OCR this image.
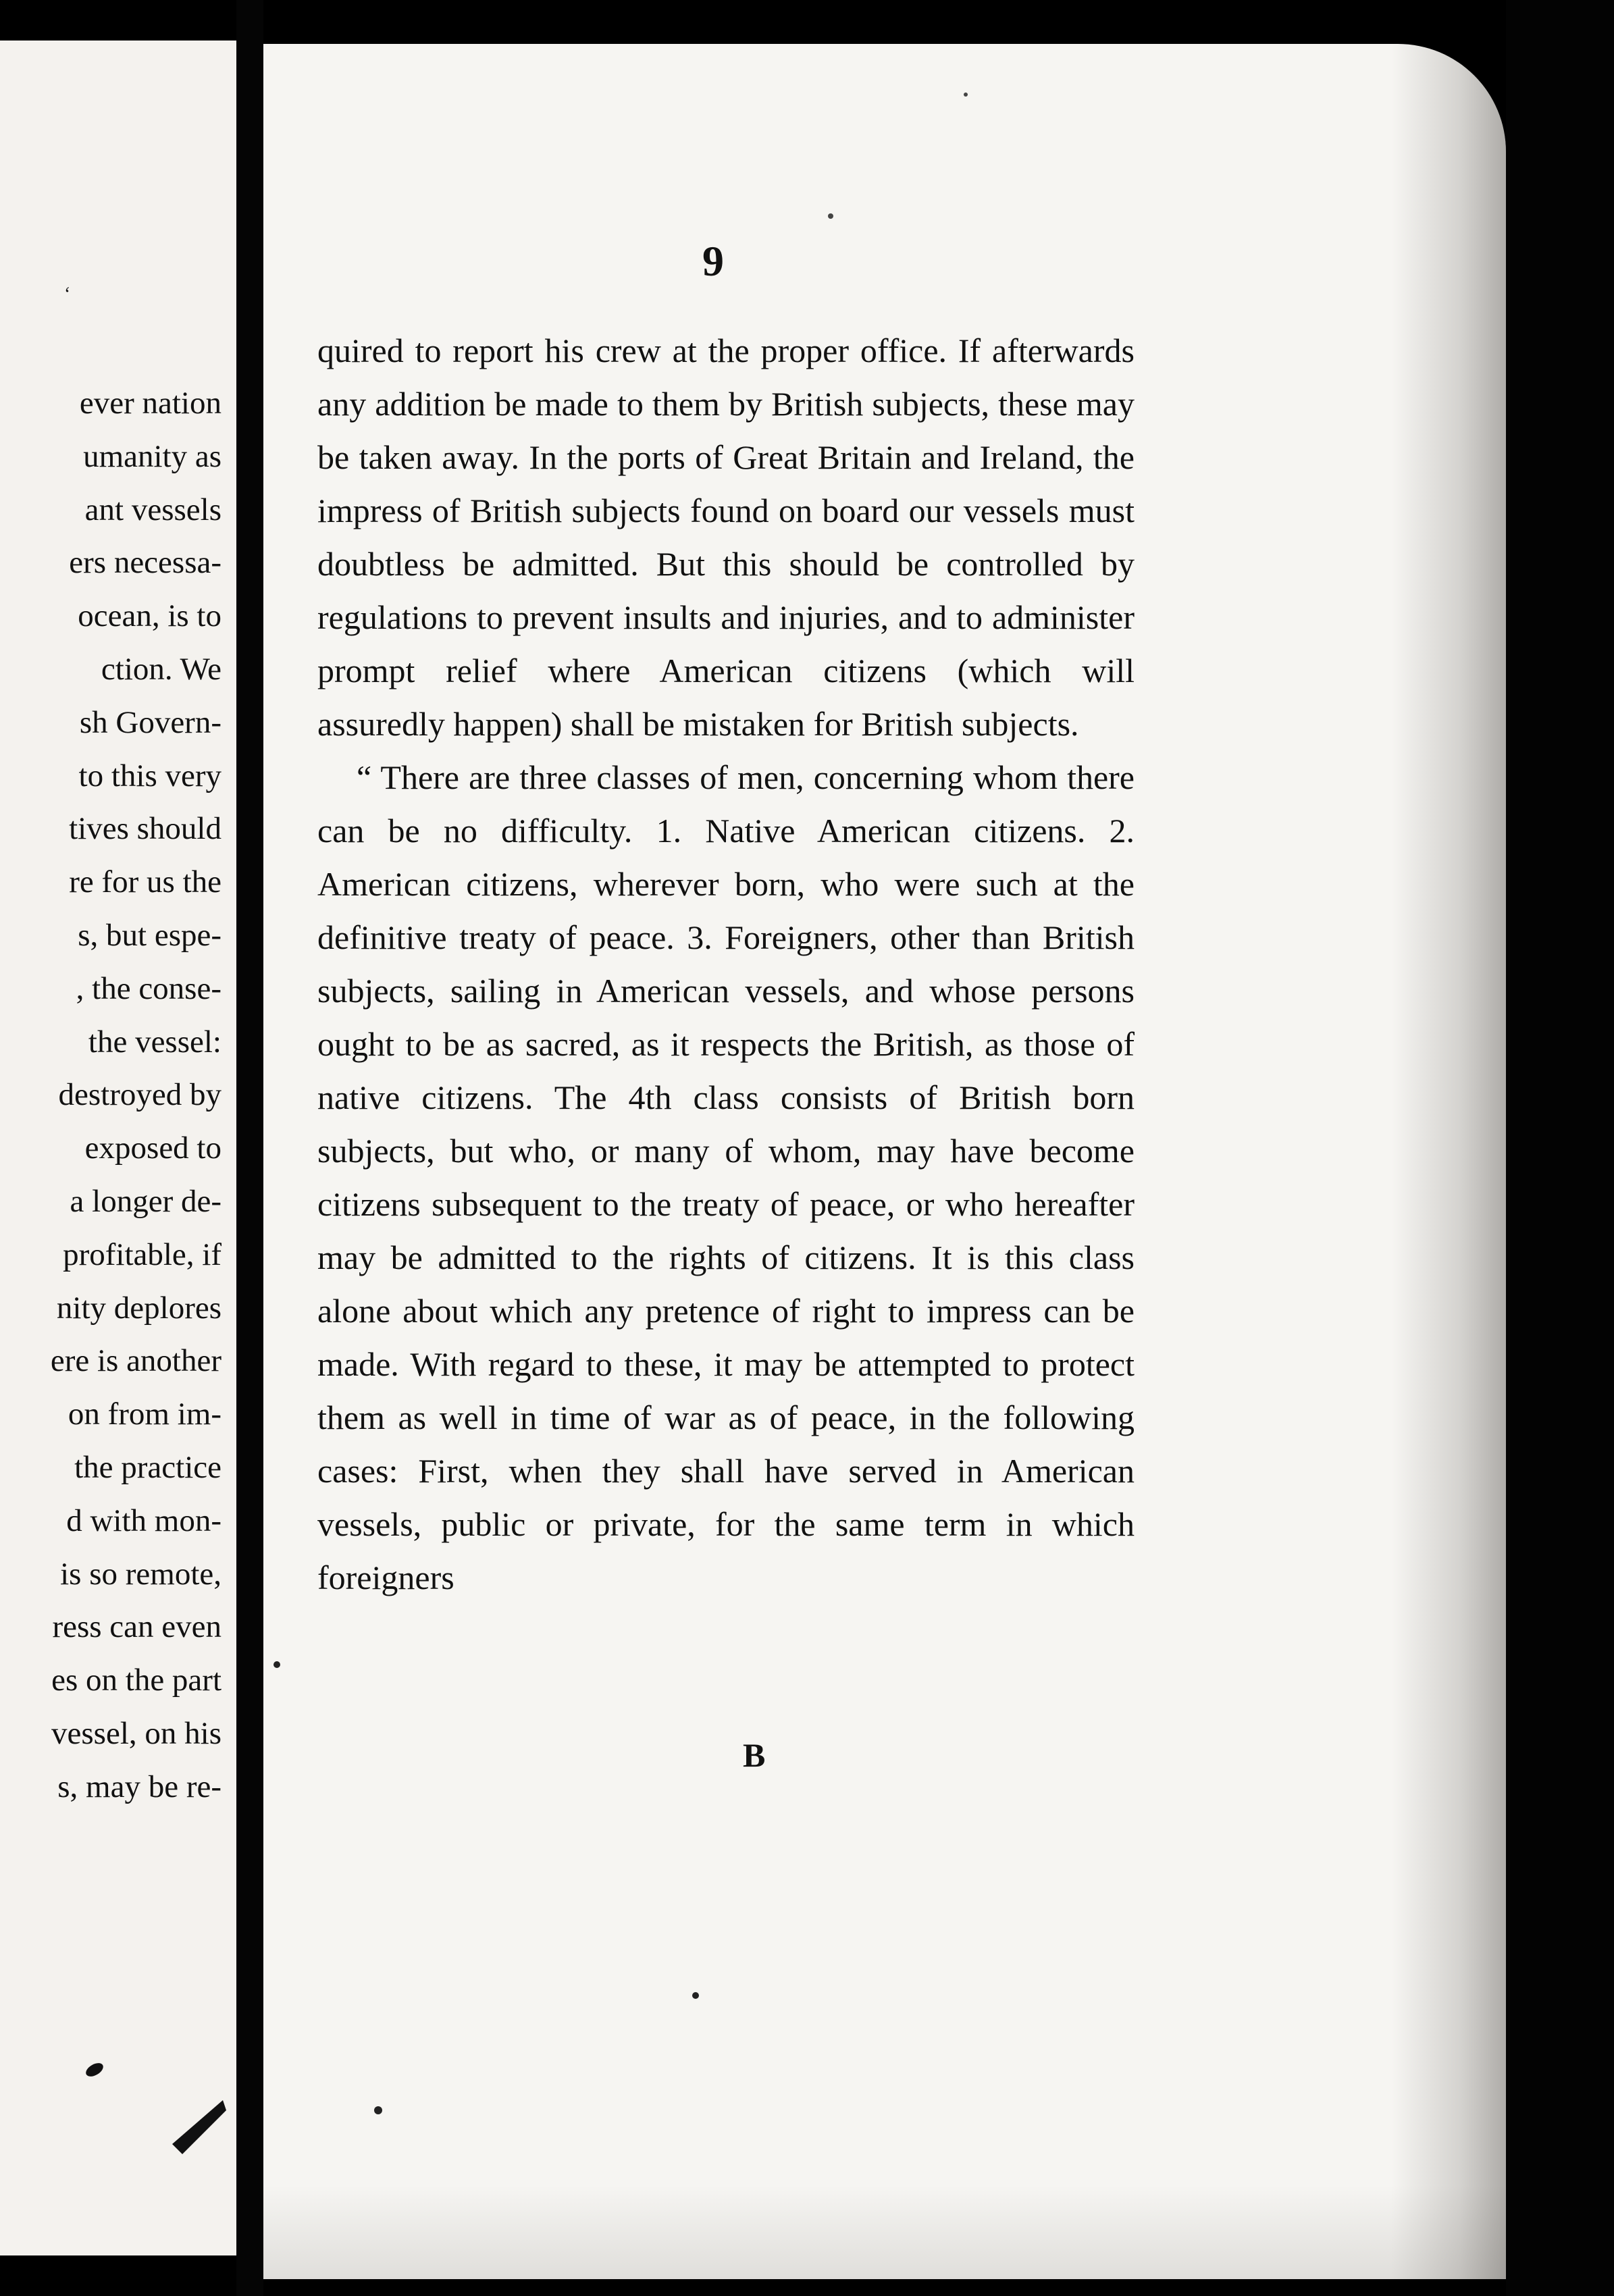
‘
ever nation
umanity as
ant vessels
ers necessa-
ocean, is to
ction. We
sh Govern-
to this very
tives should
re for us the
s, but espe-
, the conse-
the vessel:
destroyed by
exposed to
a longer de-
profitable, if
nity deplores
ere is another
on from im-
the practice
d with mon-
is so remote,
ress can even
es on the part
vessel, on his
s, may be re-
9

quired to report his crew at the proper office. If afterwards any addition be made to them by British subjects, these may be taken away. In the ports of Great Britain and Ireland, the impress of British subjects found on board our vessels must doubtless be admitted. But this should be controlled by regulations to prevent insults and injuries, and to administer prompt relief where American citizens (which will assuredly happen) shall be mistaken for British subjects.

“ There are three classes of men, concerning whom there can be no difficulty. 1. Native American citizens. 2. American citizens, wherever born, who were such at the definitive treaty of peace. 3. Foreigners, other than British subjects, sailing in American vessels, and whose persons ought to be as sacred, as it respects the British, as those of native citizens. The 4th class consists of British born subjects, but who, or many of whom, may have become citizens subsequent to the treaty of peace, or who hereafter may be admitted to the rights of citizens. It is this class alone about which any pretence of right to impress can be made. With regard to these, it may be attempted to protect them as well in time of war as of peace, in the following cases: First, when they shall have served in American vessels, public or private, for the same term in which foreigners

B
